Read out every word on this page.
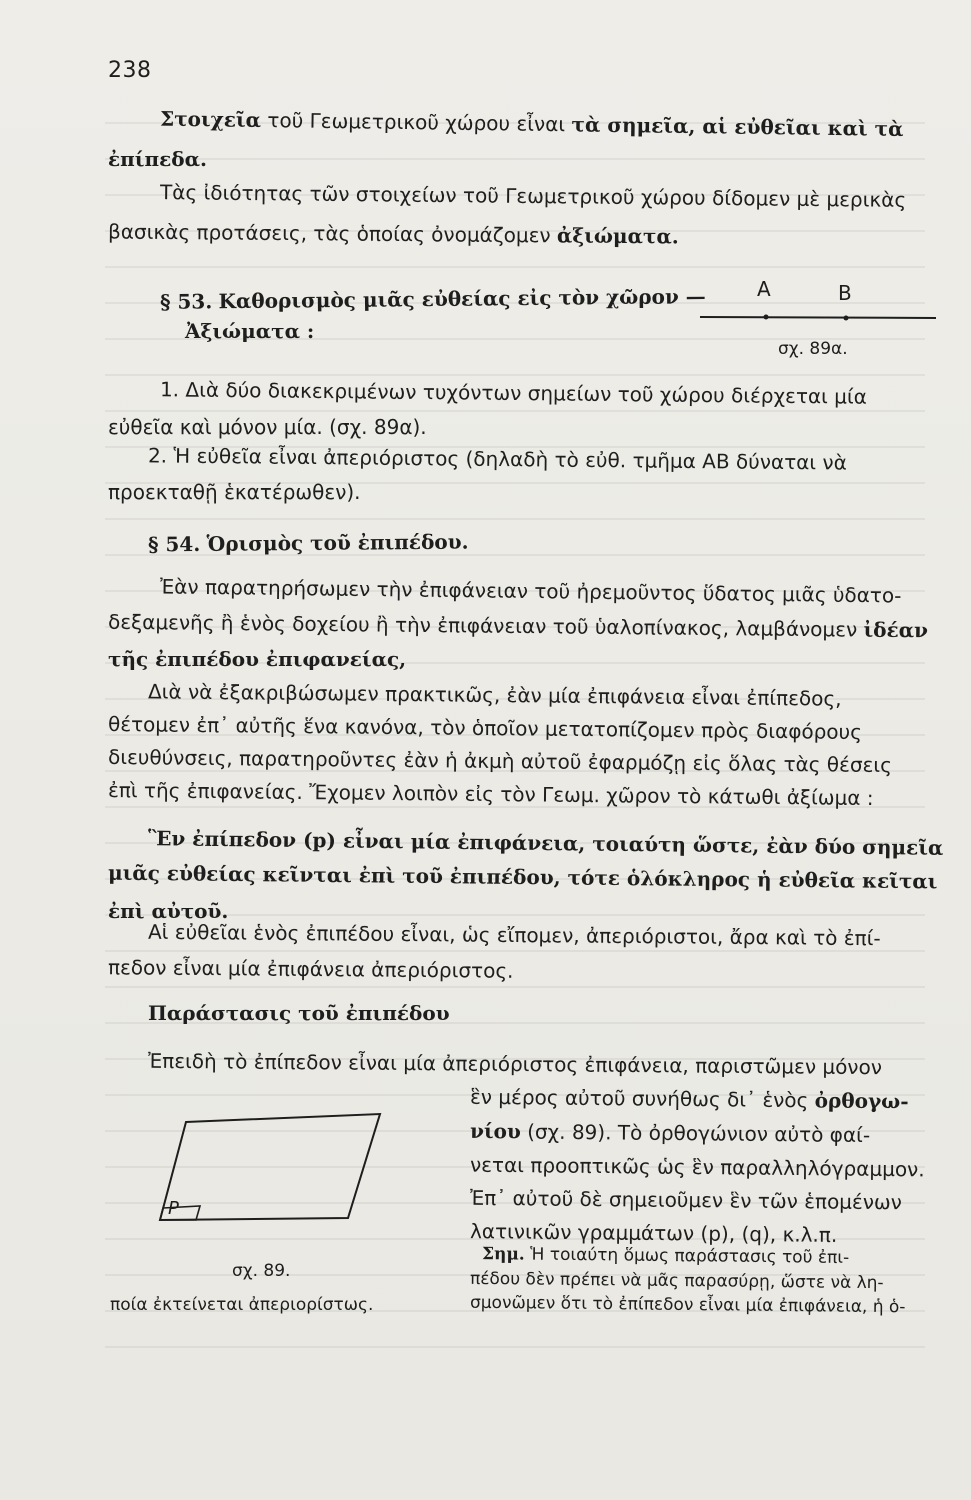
238
Στοιχεῖα τοῦ Γεωμετρικοῦ χώρου εἶναι τὰ σημεῖα, αἱ εὐθεῖαι καὶ τὰ
ἐπίπεδα.
Τὰς ἰδιότητας τῶν στοιχείων τοῦ Γεωμετρικοῦ χώρου δίδομεν μὲ μερικὰς
βασικὰς προτάσεις, τὰς ὁποίας ὀνομάζομεν ἀξιώματα.
§ 53. Καθορισμὸς μιᾶς εὐθείας εἰς τὸν χῶρον —
Ἀξιώματα :
A	B
σχ. 89α.
1. Διὰ δύο διακεκριμένων τυχόντων σημείων τοῦ χώρου διέρχεται μία
εὐθεῖα καὶ μόνον μία. (σχ. 89α).
2. Ἡ εὐθεῖα εἶναι ἀπεριόριστος (δηλαδὴ τὸ εὐθ. τμῆμα ΑΒ δύναται νὰ
προεκταθῇ ἑκατέρωθεν).
§ 54. Ὁρισμὸς τοῦ ἐπιπέδου.
Ἐὰν παρατηρήσωμεν τὴν ἐπιφάνειαν τοῦ ἠρεμοῦντος ὕδατος μιᾶς ὑδατο-
δεξαμενῆς ἢ ἑνὸς δοχείου ἢ τὴν ἐπιφάνειαν τοῦ ὑαλοπίνακος, λαμβάνομεν ἰδέαν
τῆς ἐπιπέδου ἐπιφανείας,
Διὰ νὰ ἐξακριβώσωμεν πρακτικῶς, ἐὰν μία ἐπιφάνεια εἶναι ἐπίπεδος,
θέτομεν ἐπ᾽ αὐτῆς ἕνα κανόνα, τὸν ὁποῖον μετατοπίζομεν πρὸς διαφόρους
διευθύνσεις, παρατηροῦντες ἐὰν ἡ ἀκμὴ αὐτοῦ ἐφαρμόζῃ εἰς ὅλας τὰς θέσεις
ἐπὶ τῆς ἐπιφανείας. Ἔχομεν λοιπὸν εἰς τὸν Γεωμ. χῶρον τὸ κάτωθι ἀξίωμα :
Ἓν ἐπίπεδον (p) εἶναι μία ἐπιφάνεια, τοιαύτη ὥστε, ἐὰν δύο σημεῖα
μιᾶς εὐθείας κεῖνται ἐπὶ τοῦ ἐπιπέδου, τότε ὁλόκληρος ἡ εὐθεῖα κεῖται
ἐπὶ αὐτοῦ.
Αἱ εὐθεῖαι ἑνὸς ἐπιπέδου εἶναι, ὡς εἴπομεν, ἀπεριόριστοι, ἄρα καὶ τὸ ἐπί-
πεδον εἶναι μία ἐπιφάνεια ἀπεριόριστος.
Παράστασις τοῦ ἐπιπέδου
Ἐπειδὴ τὸ ἐπίπεδον εἶναι μία ἀπεριόριστος ἐπιφάνεια, παριστῶμεν μόνον
P
ἓν μέρος αὐτοῦ συνήθως δι᾽ ἑνὸς ὀρθογω-
νίου (σχ. 89). Τὸ ὀρθογώνιον αὐτὸ φαί-
νεται προοπτικῶς ὡς ἓν παραλληλόγραμμον.
Ἐπ᾽ αὐτοῦ δὲ σημειοῦμεν ἓν τῶν ἑπομένων
λατινικῶν γραμμάτων (p), (q), κ.λ.π.
Σημ. Ἡ τοιαύτη ὅμως παράστασις τοῦ ἐπι-
πέδου δὲν πρέπει νὰ μᾶς παρασύρῃ, ὥστε νὰ λη-
σμονῶμεν ὅτι τὸ ἐπίπεδον εἶναι μία ἐπιφάνεια, ἡ ὁ-
ποία ἐκτείνεται ἀπεριορίστως.
σχ. 89.
